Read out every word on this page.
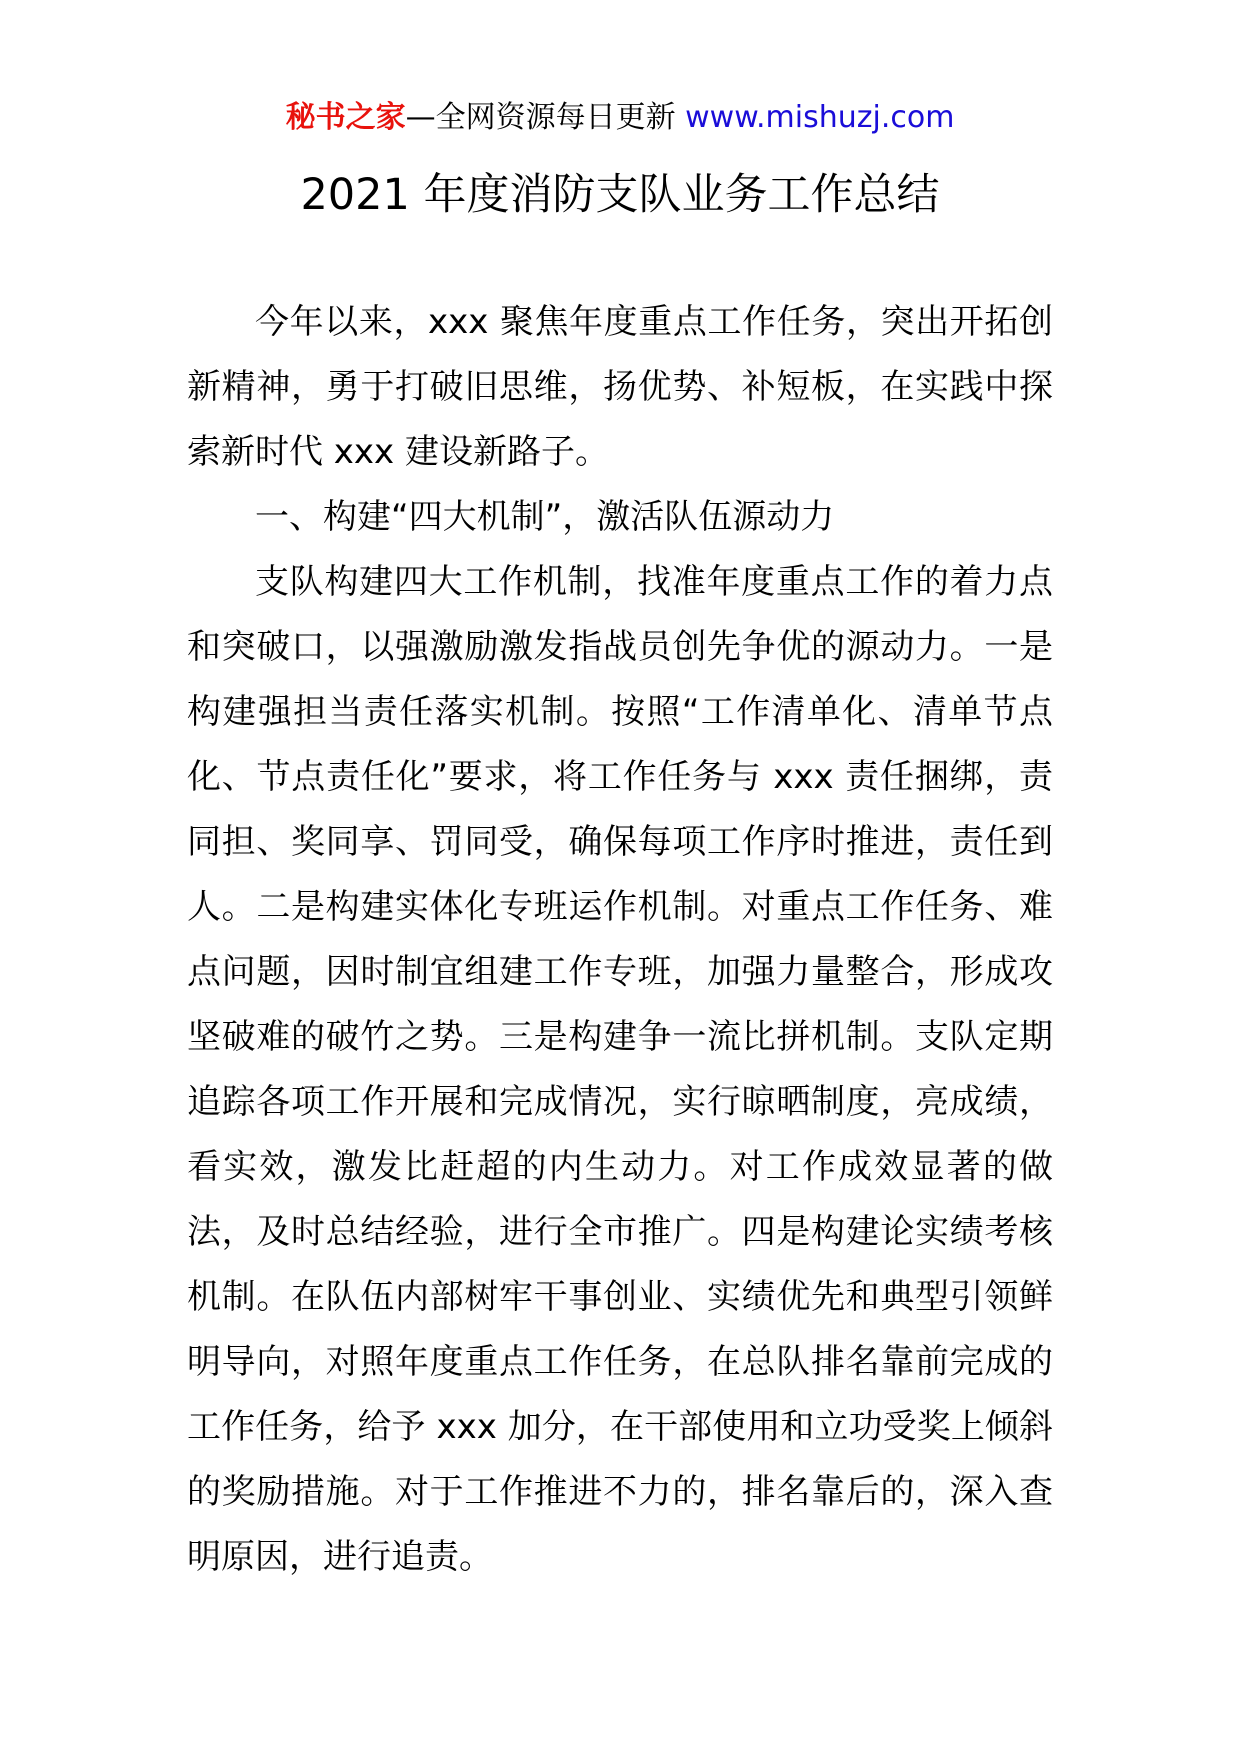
秘书之家—全网资源每日更新 www.mishuzj.com
2021 年度消防支队业务工作总结

今年以来，xxx 聚焦年度重点工作任务，突出开拓创新精神，勇于打破旧思维，扬优势、补短板，在实践中探索新时代 xxx 建设新路子。

一、构建“四大机制”，激活队伍源动力

支队构建四大工作机制，找准年度重点工作的着力点和突破口，以强激励激发指战员创先争优的源动力。一是构建强担当责任落实机制。按照“工作清单化、清单节点化、节点责任化”要求，将工作任务与 xxx 责任捆绑，责同担、奖同享、罚同受，确保每项工作序时推进，责任到人。二是构建实体化专班运作机制。对重点工作任务、难点问题，因时制宜组建工作专班，加强力量整合，形成攻坚破难的破竹之势。三是构建争一流比拼机制。支队定期追踪各项工作开展和完成情况，实行晾晒制度，亮成绩，看实效，激发比赶超的内生动力。对工作成效显著的做法，及时总结经验，进行全市推广。四是构建论实绩考核机制。在队伍内部树牢干事创业、实绩优先和典型引领鲜明导向，对照年度重点工作任务，在总队排名靠前完成的工作任务，给予 xxx 加分，在干部使用和立功受奖上倾斜的奖励措施。对于工作推进不力的，排名靠后的，深入查明原因，进行追责。
